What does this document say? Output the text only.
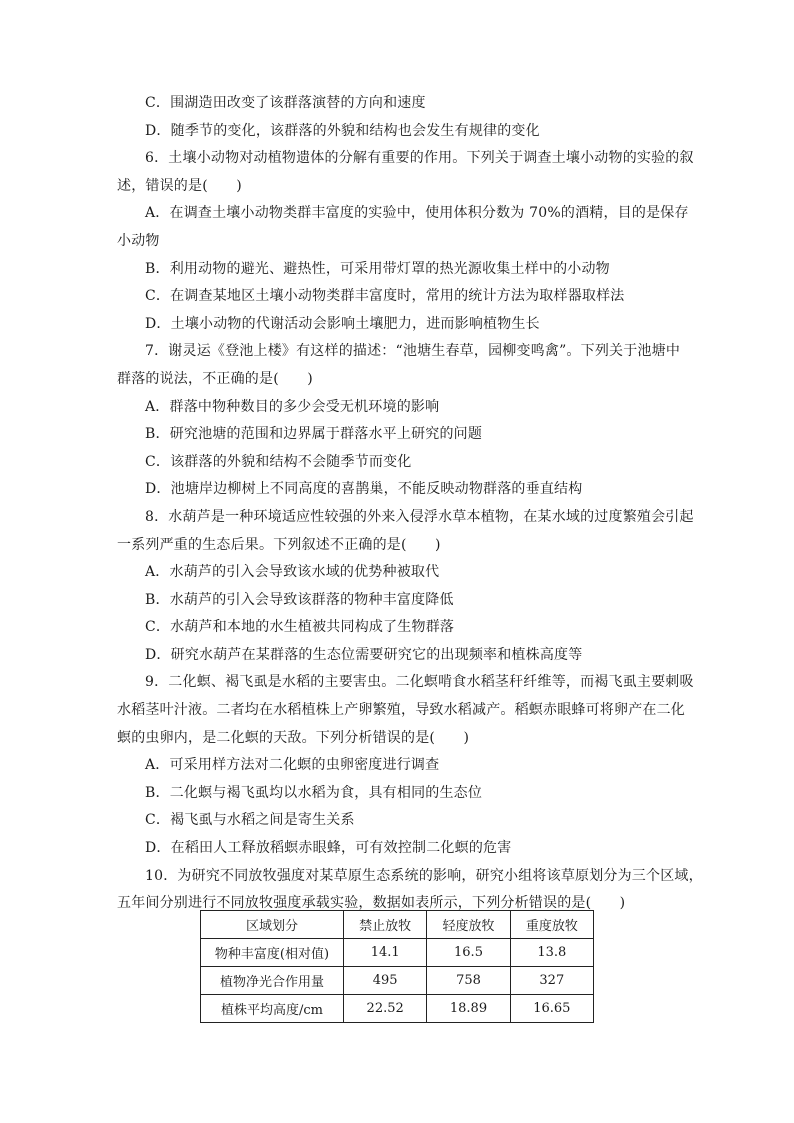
C．围湖造田改变了该群落演替的方向和速度
D．随季节的变化，该群落的外貌和结构也会发生有规律的变化
6．土壤小动物对动植物遗体的分解有重要的作用。下列关于调查土壤小动物的实验的叙
述，错误的是(　　)
A．在调查土壤小动物类群丰富度的实验中，使用体积分数为 70%的酒精，目的是保存
小动物
B．利用动物的避光、避热性，可采用带灯罩的热光源收集土样中的小动物
C．在调查某地区土壤小动物类群丰富度时，常用的统计方法为取样器取样法
D．土壤小动物的代谢活动会影响土壤肥力，进而影响植物生长
7．谢灵运《登池上楼》有这样的描述：“池塘生春草，园柳变鸣禽”。下列关于池塘中
群落的说法，不正确的是(　　)
A．群落中物种数目的多少会受无机环境的影响
B．研究池塘的范围和边界属于群落水平上研究的问题
C．该群落的外貌和结构不会随季节而变化
D．池塘岸边柳树上不同高度的喜鹊巢，不能反映动物群落的垂直结构
8．水葫芦是一种环境适应性较强的外来入侵浮水草本植物，在某水域的过度繁殖会引起
一系列严重的生态后果。下列叙述不正确的是(　　)
A．水葫芦的引入会导致该水域的优势种被取代
B．水葫芦的引入会导致该群落的物种丰富度降低
C．水葫芦和本地的水生植被共同构成了生物群落
D．研究水葫芦在某群落的生态位需要研究它的出现频率和植株高度等
9．二化螟、褐飞虱是水稻的主要害虫。二化螟啃食水稻茎秆纤维等，而褐飞虱主要刺吸
水稻茎叶汁液。二者均在水稻植株上产卵繁殖，导致水稻减产。稻螟赤眼蜂可将卵产在二化
螟的虫卵内，是二化螟的天敌。下列分析错误的是(　　)
A．可采用样方法对二化螟的虫卵密度进行调查
B．二化螟与褐飞虱均以水稻为食，具有相同的生态位
C．褐飞虱与水稻之间是寄生关系
D．在稻田人工释放稻螟赤眼蜂，可有效控制二化螟的危害
10．为研究不同放牧强度对某草原生态系统的影响，研究小组将该草原划分为三个区域，
五年间分别进行不同放牧强度承载实验，数据如表所示，下列分析错误的是(　　)
区域划分	禁止放牧	轻度放牧	重度放牧
物种丰富度(相对值)	14.1	16.5	13.8
植物净光合作用量	495	758	327
植株平均高度/cm	22.52	18.89	16.65
